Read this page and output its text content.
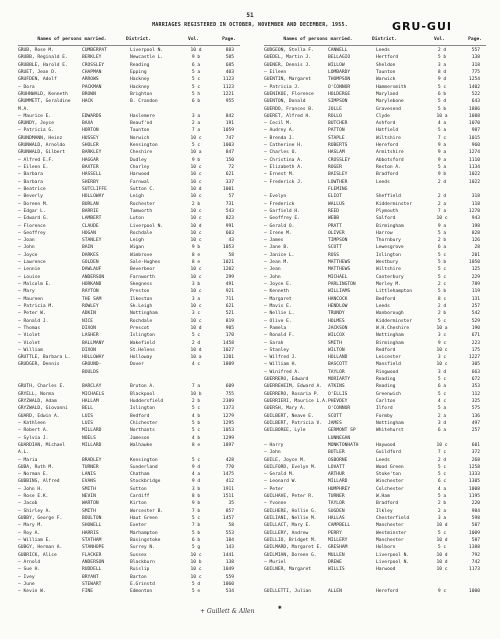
51
MARRIAGES REGISTERED IN OCTOBER, NOVEMBER AND DECEMBER, 1955.	GRU-GUI
Names of persons married.	District.	Vol.	Page.
GRUB, Rose M.	CUMBERPAT	Liverpool N.	10 d	883
GRUBB, Reginald E.	BERKLEY	Newcastle L.	9 b	505
GRUBBLE, Harold E.	CROSSLEY	Reading	6 a	685
GRUET, Jean D.	CHAPMAN	Epping	5 a	403
GRUFDEN, Adolf	ARROWS	Hackney	5 c	1123
— Dora	PACKMAN	Hackney	5 c	1123
GRUHNWALD, Kenneth	BROWN	Brighton	5 h	1221
GRUMMETT, Geraldine	HACK	B. Crandon	6 b	955
M.A.
— Maurice E.	EDWARDS	Haslemere	3 a	842
GRUNDY, Joyce	BAXA	Beauf'nd	2 a	191
— Patricia G.	HORTON	Taunton	7 a	1059
GRUNDMANN, Heinz	HUSSEY	Norwich	10 c	747
GRUNWALD, Arnoldo	SHOLER	Kensington	5 c	1003
GRUNWALD, Gilbert	BARKLEY	Cheshire	10 a	847
— Alfred E.F.	HAGGAR	Dudley	9 b	150
— Eileen E.	BAXTER	Chorley	10 c	72
— Barbara	HASSELL	Harwood	10 c	621
— Barbara	SHERBY	Farnwal	10 c	337
— Beatrice	SUTCLIFFE	Sutton C.	10 d	1001
— Beverly	HOLLOWAY	Leigh	10 c	57
— Doreen M.	BURLAN	Rochester	2 b	731
— Edgar L.	BARRIE	Tamworth	10 c	543
— Edward G.	LAMBERT	Luton	10 c	823
— Florence	CLAUDE	Liverpool N.	10 d	991
— Geoffrey	HOGAN	Rochdale	10 c	603
— Joan	STANLEY	Leigh	10 c	43
— John	BAIN	Wigan	9 b	1053
— Joyce	DARKES	Wimbrove	8 e	58
— Lawrence	GOLDEN	Sale-Hughes	8 e	1021
— Lennie	DAWLAUF	Beverbeor	10 c	1202
— Louise	ANDERSON	Farnworth	10 c	299
— Malcolm E.	HORKAND	Skegness	3 b	491
— Mary	RAYTON	Preston	10 c	921
— Maureen	THE SAM	Ilkeston	3 a	711
— Patricia M.	ROWLEY	Sk.Leigh	10 c	621
— Peter W.	ADKIN	Nottingham	3 c	521
— Ronald J.	NICE	Rochdale	10 c	819
— Thomas	DIXON	Prescot	10 d	905
— Violet	LASHER	Islington	5 c	170
— Violet	BALLMANY	Wakefield	2 d	1458
— William	DIXON	St.Helens	10 d	1027
GRUTTLE, Barbara L.	HOLLOWAY	Holloway	10 a	1201
GRUDGER, Dennis	GROUND-	Dover	4 c	1809
BOULDS
GRUTH, Charles E.	BARCLAY	Bruton A.	7 a	609
GRYELL, Norma	MICHAELS	Blackpool	10 b	755
GRYZWALD, Adam	HALLAM	Huddersfield	2 b	2389
GRYZWALD, Giovanni	BELL	Islington	5 c	1373
GUARD, Edwin A.	LUIS	Bedford	4 b	1279
— Kathleen	LUIS	Chichester	5 b	1295
— Robert A.	MILLARD	Northants	5 c	1053
— Sylvia J.	NOELS	Jameson	4 b	1299
GUARDIAN, Michael	MILLARD	Walhawke	8 e	1897
A.L.
— Maria	BRADLEY	Kensington	5 c	428
GUBA, Ruth M.	TURNER	Sunderland	9 d	770
— Norman E.	LANIS	Chatham	4 a	1475
GUBBINS, Alfred	EVANS	Stockbridge	9 d	412
— John H.	SMITH	Sutton	3 b	1911
— Rose E.K.	NEVIN	Cardiff	8 b	1511
— Jacob	WARTON	Kirton	9 b	35
— Shirley A.	SMITH	Worcester B.	7 b	857
GUBBY, George F.	BOULTON	Haut Green	5 c	1457
— Mary M.	SHOWELL	Exeter	7 b	58
— Roy A.	HARRIS	Marhampton	5 b	553
— William E.	STATHAM	Basingstoke	6 b	184
GUBGY, Herman A.	STANHOPE	Surrey N.	5 g	143
GUBRICK, Alice	FLACKER	Sussex	10 c	1441
— Arnold	ANDERSON	Blackburn	10 b	138
— Sue H.	RUDDELL	Ruislip	10 c	1049
— Ivey	BRYANT	Barton	10 c	559
— June	STEWART	E.Grinstd	5 d	1060
— Kevin W.	FINE	Edmonton	5 e	534
Names of persons married.	District.	Vol.	Page.
GUDGEON, Stella F.	CANWELL	Leeds	2 d	557
GUEDEL, Martin J.	BELLAGIO	Hertford	5 b	138
GUENER, Dennis J.	WILLOW	Sheldon	3 a	318
— Eileen	LOMBARDY	Taunton	8 d	775
GUENTIN, Margaret	THOMPSON	Warwick	9 d	1254
— Patricia J.	O'CONNOR	Hammersmith	5 c	1402
GUENIKOE, Florence	HOLDERGE	Maryland	6 b	522
GUENTON, Donald	SIMPSON	Marylebone	5 d	643
GUERDO, Frances B.	JOLLE	Gravesend	5 b	1886
GUERET, Alfred H.	ROLLO	Clyde	10 a	1088
— Cecil M.	BUTCHER	Ashford	4 a	1070
— Audrey A.	PATTON	Hatfield	5 a	987
— Brenda J.	STAPLE	Wiltshire	7 c	1015
— Catherine H.	ROBERTS	Hereford	9 a	960
— Charles O.	HASLAM	Armitshire	9 a	1274
— Christina A.	CROSSLEY	Abbotsford	9 a	1110
— Elizabeth A.	ROGER	Reston A.	5 a	1134
— Ernest M.	BAISLEY	Bradford	9 b	1022
— Frederick J.	LOWTHER	Leeds	2 d	1022
FLEMING
— Evelyn	ELIOT	Sheffield	2 d	318
— Frederick	WALLUS	Kidderminster	2 a	118
— Garfield H.	REED	Plymouth	7 a	1278
— Geoffrey E.	WEBB	Salford	10 c	943
— Gerald O.	PRATT	Birmingham	9 a	198
— Irene M.	OLIVER	Harrow	5 a	828
— James	TIMPSON	Thornbury	2 b	126
— Jane B.	SCOTT	Lewesgrove	6 a	28
— Janice L.	ROSS	Islington	5 c	201
— Jean M.	MATTHEWS	Westbury	5 b	1050
— Jean	MATTHEWS	Wiltshire	5 c	125
— John	MICHAEL	Canterbury	5 c	229
— Joyce E.	PARLINGTON	Morley M.	2 c	789
— Kenneth	WILLIAMS	Littlehampton	5 b	119
— Margaret	HANCOCK	Bedford	8 c	131
— Mavis E.	HENDLOW	Leeds	2 d	257
— Nellie L.	TRUNDY	Wanborough	2 b	542
— Olive E.	HOLMES	Kidderminster	5 c	529
— Pamela	JACKSON	W.H.Cheshire	10 a	190
— Ronald F.	WILCOX	Nottingham	3 c	671
— Sarah	SMITH	Birmingham	9 c	223
— Stanley	WILTON	Redford	10 c	175
— Wilfred J.	HOLLAND	Leicester	3 c	1227
— William H.	BASCOTT	Mansfield	10 c	305
— Winifred A.	TAYLOR	Ringwood	3 d	663
GUERRERO, Edward	MORIARTY	Reading	5 c	672
GUERREHEIM, Edward A.	ATKINS	Reading	6 a	353
GUERRERO, Rosaria P.	O'ELLIS	Greenwich	5 c	112
GUERRIERI, Maurice L.A. PHEVDEY	Carlton	4 c	325
GUERSH, Mary A.	O'CONNOR	Ilford	5 a	575
GUILBERT, Neave E.	SCOTT	Formby	2 a	136
GUILBERT, Patricia V.	JAMES	Nottingham	3 d	497
GUILBOREE, Lyle	GERMONT SP	Whitehurst	6 a	257
LUNNEGAN
— Harry	MONKTONHATH	Haywood	10 c	601
— John	BUTLER	Guildford	7 c	372
GUILE, Joyce M.	OSBORNE	Leeds	2 d	268
GUILFORD, Evelyn M.	LOVATT	Wood Green	5 c	1258
— Gerald M.	ARTHUR	Stoke'ton	5 c	1333
— Leonard W.	MILLARD	Winchester	6 c	1305
— Peter	HUMPHREY	Colchester	4 a	1008
GUILHAVE, Peter R.	TURNER	W.Ham	5 a	1195
— Yvonne	TAYLOR	Bradford	2 b	220
GUILHERE, Hollie G.	SUGDEN	Ilkley	2 a	984
GUILIANI, Nellie M.	HALLAS	Chesterfield	3 a	598
GUILLACT, Mary E.	CAMPBELL	Manchester	10 d	587
GUILLERY, Andrew	PERRY	Westminster	5 c	1009
GUILLIO, Bridget M.	MILLERY	Manchester	10 d	587
GUILMARD, Margaret E.	GRESHAM	Holborn	5 c	1388
GUILMIAN, Doreen G.	MULLEN	Liverpool N.	10 d	792
— Muriel	DREWE	Liverpool N.	10 d	742
GUILNER, Margaret	WILLIS	Harwood	10 c	1173
GUILLETTI, Julian	ALLEN	Hereford	9 c	1000
✱
+ Guillett & Allen
